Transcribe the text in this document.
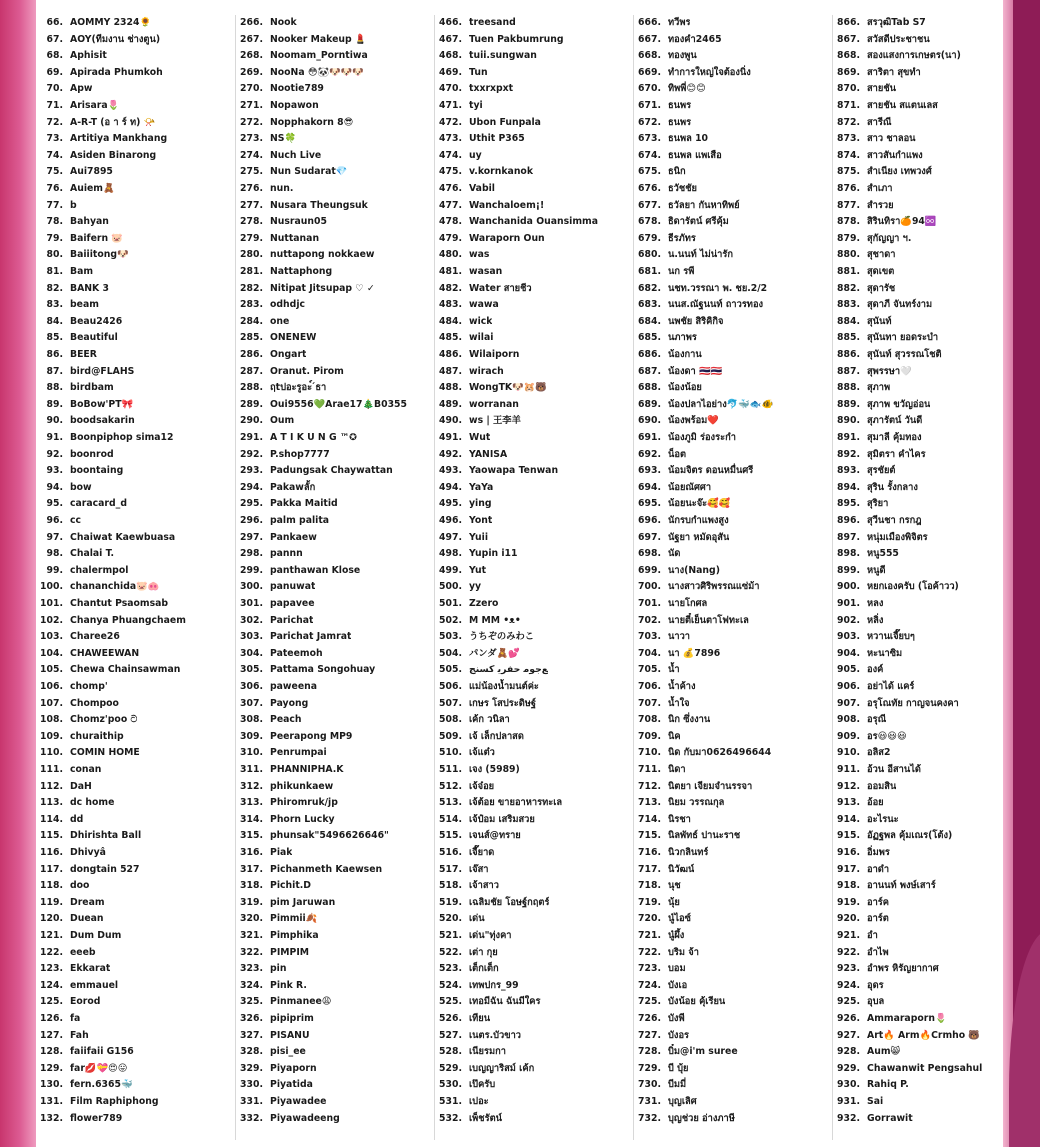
66. AOMMY 2324🌻
67. AOY(ทีมงาน ช่างตูน)
68. Aphisit
69. Apirada Phumkoh
70. Apw
71. Arisara🌷
72. A-R-T (อ า ร์ ท) 📯
73. Artitiya Mankhang
74. Asiden Binarong
75. Aui7895
76. Auiem🧸
77. b
78. Bahyan
79. Baifern 🐷
80. Baiiitong🐶
81. Bam
82. BANK 3
83. beam
84. Beau2426
85. Beautiful
86. BEER
87. bird@FLAHS
88. birdbam
89. BoBow'PT🎀
90. boodsakarin
91. Boonpiphop sima12
92. boonrod
93. boontaing
94. bow
95. caracard_d
96. cc
97. Chaiwat Kaewbuasa
98. Chalai T.
99. chalermpol
100. chananchida🐷🐽
101. Chantut Psaomsab
102. Chanya Phuangchaem
103. Charee26
104. CHAWEEWAN
105. Chewa Chainsawman
106. chomp'
107. Chompoo
108. Chomz'poo ට
109. churaithip
110. COMIN HOME
111. conan
112. DaH
113. dc home
114. dd
115. Dhirishta Ball
116. Dhivyâ
117. dongtain 527
118. doo
119. Dream
120. Duean
121. Dum Dum
122. eeeb
123. Ekkarat
124. emmauel
125. Eorod
126. fa
127. Fah
128. faiifaii G156
129. far💋💝😍😛
130. fern.6365🐳
131. Film Raphiphong
132. flower789
266. Nook
267. Nooker Makeup 💄
268. Noomam_Porntiwa
269. NooNa 😳🐼🐶🐶🐶
270. Nootie789
271. Nopawon
272. Nopphakorn 8😎
273. NS🍀
274. Nuch Live
275. Nun Sudarat💎
276. nun.
277. Nusara Theungsuk
278. Nusraun05
279. Nuttanan
280. nuttapong nokkaew
281. Nattaphong
282. Nitipat Jitsupap ♡ ✓
283. odhdjc
284. one
285. ONENEW
286. Ongart
287. Oranut. Pirom
288. ฤtปอะรูอะ์ ́ธา
289. Oui9556💚Arae17🎄B0355
290. Oum
291. A T I K U N G ™✪
292. P.shop7777
293. Padungsak Chaywattan
294. Pakawลั้ก
295. Pakka Maitid
296. palm palita
297. Pankaew
298. pannn
299. panthawan Klose
300. panuwat
301. papavee
302. Parichat
303. Parichat Jamrat
304. Pateemoh
305. Pattama Songohuay
306. paweena
307. Payong
308. Peach
309. Peerapong MP9
310. Penrumpai
311. PHANNIPHA.K
312. phikunkaew
313. Phiromruk/jp
314. Phorn Lucky
315. phunsak"5496626646"
316. Piak
317. Pichanmeth Kaewsen
318. Pichit.D
319. pim Jaruwan
320. Pimmii🍂
321. Pimphika
322. PIMPIM
323. pin
324. Pink R.
325. Pinmanee😩
326. pipiprim
327. PISANU
328. pisi_ee
329. Piyaporn
330. Piyatida
331. Piyawadee
332. Piyawadeeng
466. treesand
467. Tuen Pakbumrung
468. tuii.sungwan
469. Tun
470. txxrxpxt
471. tyi
472. Ubon Funpala
473. Uthit P365
474. uy
475. v.kornkanok
476. Vabil
477. Wanchaloem¡!
478. Wanchanida Ouansimma
479. Waraporn Oun
480. was
481. wasan
482. Water สายชีว
483. wawa
484. wick
485. wilai
486. Wilaiporn
487. wirach
488. WongTK🐶🐹🐻
489. worranan
490. ws | 王李羊
491. Wut
492. YANISA
493. Yaowapa Tenwan
494. YaYa
495. ying
496. Yont
497. Yuii
498. Yupin i11
499. Yut
500. yy
501. Zzero
502. M MM •ᴥ•
503. うちぞのみわこ
504. パンダ🧸💕
505. ﻊﺟﻮﻣ ﺣﻔﺮﻳ ﻛﺴﻨﺞ
506. แม่น้องน้ำมนต์ค่ะ
507. เกษร โสประดิษฐ์
508. เค้ก วนิลา
509. เจ้ เล็กปลาสด
510. เจ้แต๋ว
511. เจง (5989)
512. เจ้จ๋อย
513. เจ้ต้อย ขายอาหารทะเล
514. เจ้ป๋อม เสริมสวย
515. เจนส์@ทราย
516. เจี๊ยาด
517. เจ๊สา
518. เจ้าสาว
519. เฉลิมชัย โอษฐ์กฤตร์
520. เด่น
521. เด่น"ทุ่งคา
522. เต่า กุย
523. เต็กเต็ก
524. เทพปกร_99
525. เทอมีฉัน ฉันมีใคร
526. เทียน
527. เนตร.บัวขาว
528. เนียรมกา
529. เบญญาริสม์ เค้ก
530. เป๊ครับ
531. เปอะ
532. เพ็ชรัตน์
666. ทวีพร
667. ทองคำ2465
668. ทองพูน
669. ทำการใหญ่ใจต้องนิ่ง
670. ทิพพี่😊😊
671. ธนพร
672. ธนพร
673. ธนพล 10
674. ธนพล แพเสือ
675. ธนิก
676. ธวัชชัย
677. ธวัลยา กันหาทิพย์
678. ธิดารัตน์ ศรีคุ้ม
679. ธีรภัทร
680. น.นนท์ ไม่น่ารัก
681. นก รพี
682. นชท.วรรณา พ. ชย.2/2
683. นนส.ณัฐนนท์ ถาวรทอง
684. นพชัย สิริคิกิจ
685. นภาพร
686. น้องกาน
687. น้องดา 🇹🇭🇹🇭
688. น้องน้อย
689. น้องปลาไอย่าง🐬🐳🐟🐠
690. น้องพร้อม❤️
691. น้องภูมิ ร่องระกำ
692. น็อต
693. น้อมจิตร ดอนหมื่นศรี
694. น้อยณัศศา
695. น้อยนะจ๊ะ🥰🥰
696. นักรบกำแพงสูง
697. นัฐยา หมัดอุสัน
698. นัด
699. นาง(Nang)
700. นางสาวศิริพรรณแซ่ม้า
701. นายโกศล
702. นายตี๋เย็นตาโฟทะเล
703. นาวา
704. นา 💰7896
705. น้ำ
706. น้ำค้าง
707. น้ำใจ
708. นิก ซึ่งงาน
709. นิค
710. นิด กับมา0626496644
711. นิดา
712. นิตยา เจียมจำนรรจา
713. นิยม วรรณกุล
714. นิรชา
715. นิลพัทธ์ ปานะราช
716. นิวกลินทร์
717. นิวัฒน์
718. นุช
719. นุ้ย
720. นู๋ไอซ์
721. นู๋ผึ้ง
722. บริม จ้า
723. บอม
724. บังเอ
725. บังน้อย คุ้เรียน
726. บังพี
727. บังอร
728. บิ๋ม@i'm suree
729. บี บุ้ย
730. บีมมี่
731. บุญเลิศ
732. บุญช่วย อ่างภาษี
866. สรวุฒิTab S7
867. สวัสดีประชาชน
868. สองแสงการเกษตร(นา)
869. สาริตา สุขทำ
870. สายชัน
871. สายชัน สแตนเลส
872. สารีณี
873. สาว ชาลอน
874. สาวสันกำแพง
875. สำเนียง เทพวงศ์
876. สำเภา
877. สำรวย
878. สิรินทิรา🍊94♾️
879. สุกัญญา ฯ.
880. สุชาดา
881. สุดเขต
882. สุดารัช
883. สุดาภี จันทร์งาม
884. สุนันท์
885. สุนันทา ยอดระบำ
886. สุนันท์ สุวรรณโชติ
887. สุพรรษา🤍
888. สุภาพ
889. สุภาพ ขวัญอ่อน
890. สุภารัตน์ วันดี
891. สุมาลี คุ้มทอง
892. สุมิตรา คำไคร
893. สุรชัยต์
894. สุริน รั้งกลาง
895. สุริยา
896. สุวีนชา กรกฎ
897. หนุ่มเมืองพิจิตร
898. หนู555
899. หนูดี
900. หยกเองครับ (โอค้าวว)
901. หลง
902. หลิ่ง
903. หวานเจี๊ยบๆ
904. หะนาซิม
905. องค์
906. อย่าได้ แคร์
907. อรุโณทัย กาญจนคงคา
908. อรุณี
909. อร😃😃😃
910. อลิส2
911. อ้วน อีสานได้
912. ออมสิน
913. อ้อย
914. อะไรนะ
915. อัฏฐพล คุ้มเณร(โต้ง)
916. อิ่มพร
917. อาดำ
918. อานนท์ พงษ์เสาร์
919. อาร์ค
920. อาร์ต
921. อำ
922. อำไพ
923. อำพร หิรัญยากาศ
924. อุดร
925. อุบล
926. Ammaraporn🌷
927. Art🔥 Arm🔥Crmho 🐻
928. Aum😸
929. Chawanwit Pengsahul
930. Rahiq P.
931. Sai
932. Gorrawit
